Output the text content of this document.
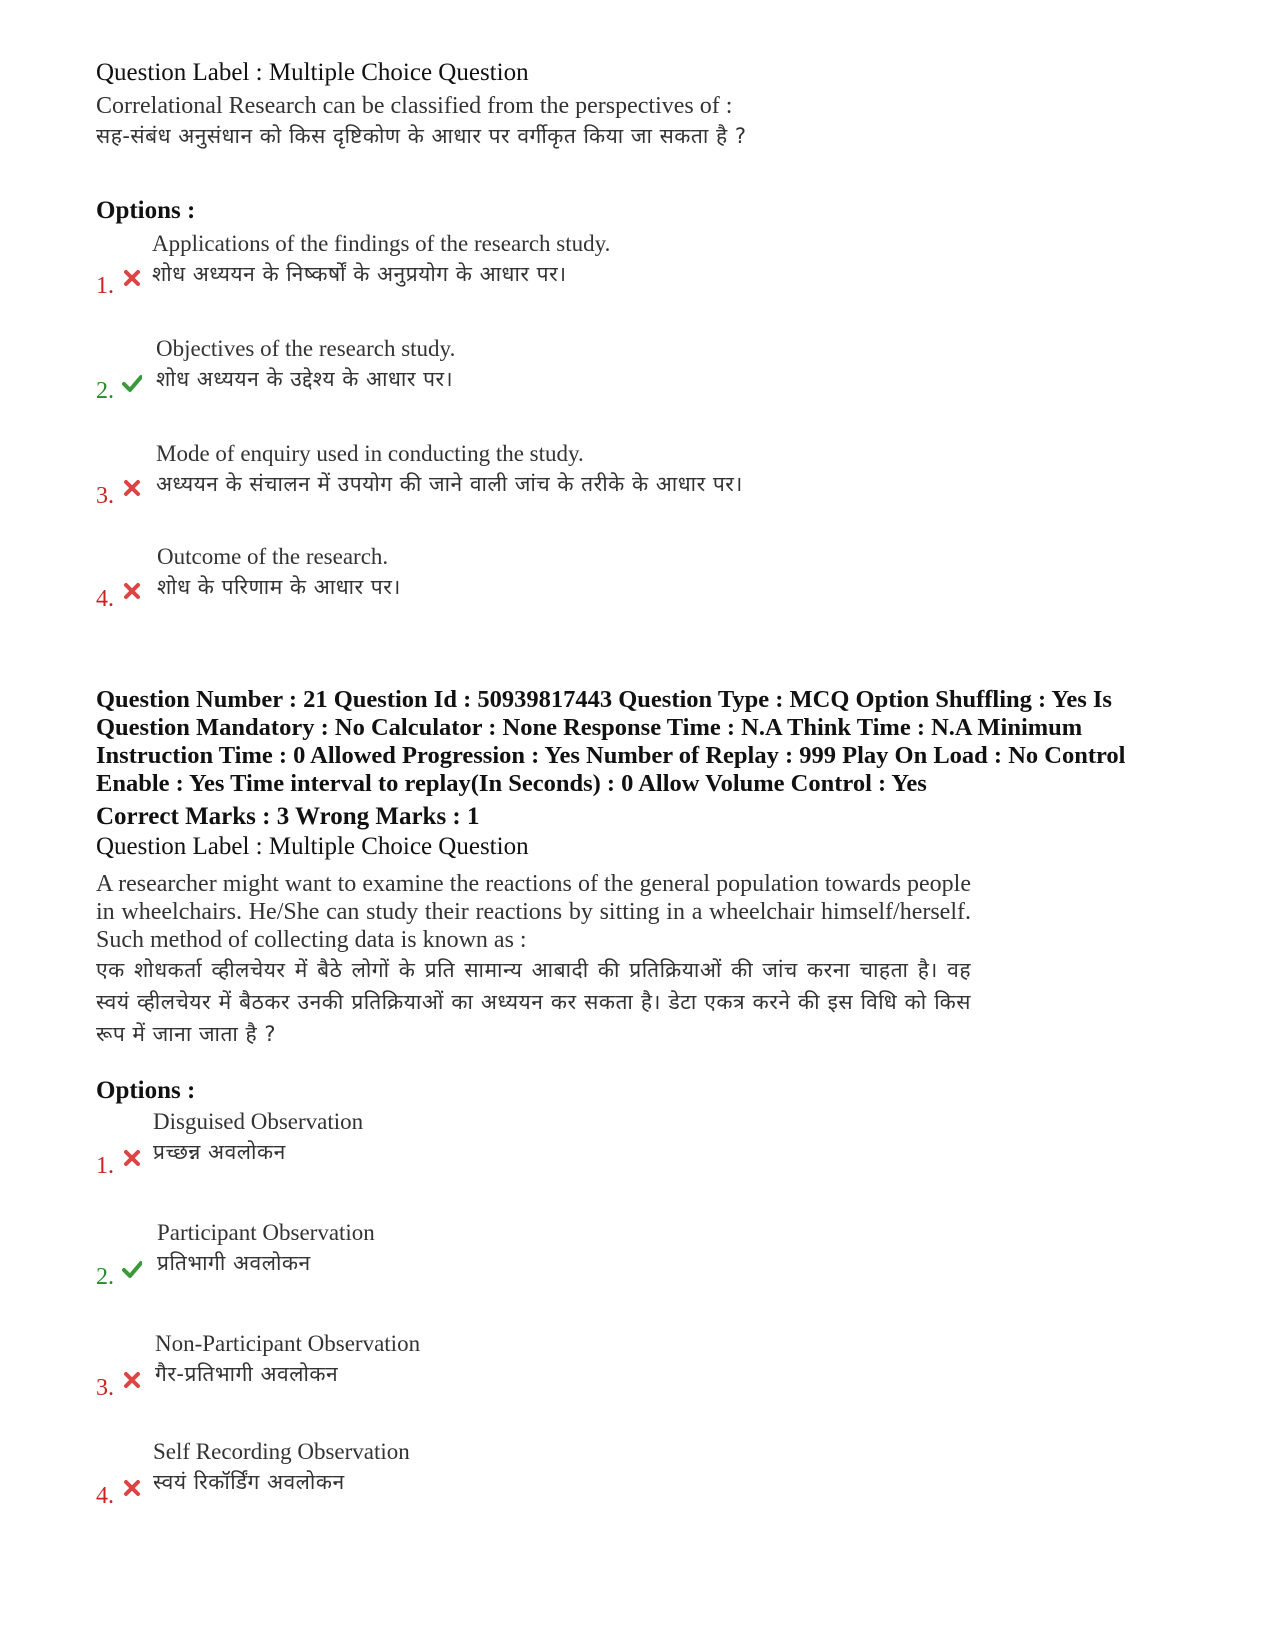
Question Label : Multiple Choice Question

Correlational Research can be classified from the perspectives of :

सह-संबंध अनुसंधान को किस दृष्टिकोण के आधार पर वर्गीकृत किया जा सकता है ?

Options :

1.
Applications of the findings of the research study.
शोध अध्ययन के निष्कर्षों के अनुप्रयोग के आधार पर।
2.
Objectives of the research study.
शोध अध्ययन के उद्देश्य के आधार पर।
3.
Mode of enquiry used in conducting the study.
अध्ययन के संचालन में उपयोग की जाने वाली जांच के तरीके के आधार पर।
4.
Outcome of the research.
शोध के परिणाम के आधार पर।

Question Number : 21 Question Id : 50939817443 Question Type : MCQ Option Shuffling : Yes Is Question Mandatory : No Calculator : None Response Time : N.A Think Time : N.A Minimum Instruction Time : 0 Allowed Progression : Yes Number of Replay : 999 Play On Load : No Control Enable : Yes Time interval to replay(In Seconds) : 0 Allow Volume Control : Yes

Correct Marks : 3 Wrong Marks : 1

Question Label : Multiple Choice Question

A researcher might want to examine the reactions of the general population towards people in wheelchairs. He/She can study their reactions by sitting in a wheelchair himself/herself. Such method of collecting data is known as :

एक शोधकर्ता व्हीलचेयर में बैठे लोगों के प्रति सामान्य आबादी की प्रतिक्रियाओं की जांच करना चाहता है। वह स्वयं व्हीलचेयर में बैठकर उनकी प्रतिक्रियाओं का अध्ययन कर सकता है। डेटा एकत्र करने की इस विधि को किस रूप में जाना जाता है ?

Options :

1.
Disguised Observation
प्रच्छन्न अवलोकन
2.
Participant Observation
प्रतिभागी अवलोकन
3.
Non-Participant Observation
गैर-प्रतिभागी अवलोकन
4.
Self Recording Observation
स्वयं रिकॉर्डिंग अवलोकन
